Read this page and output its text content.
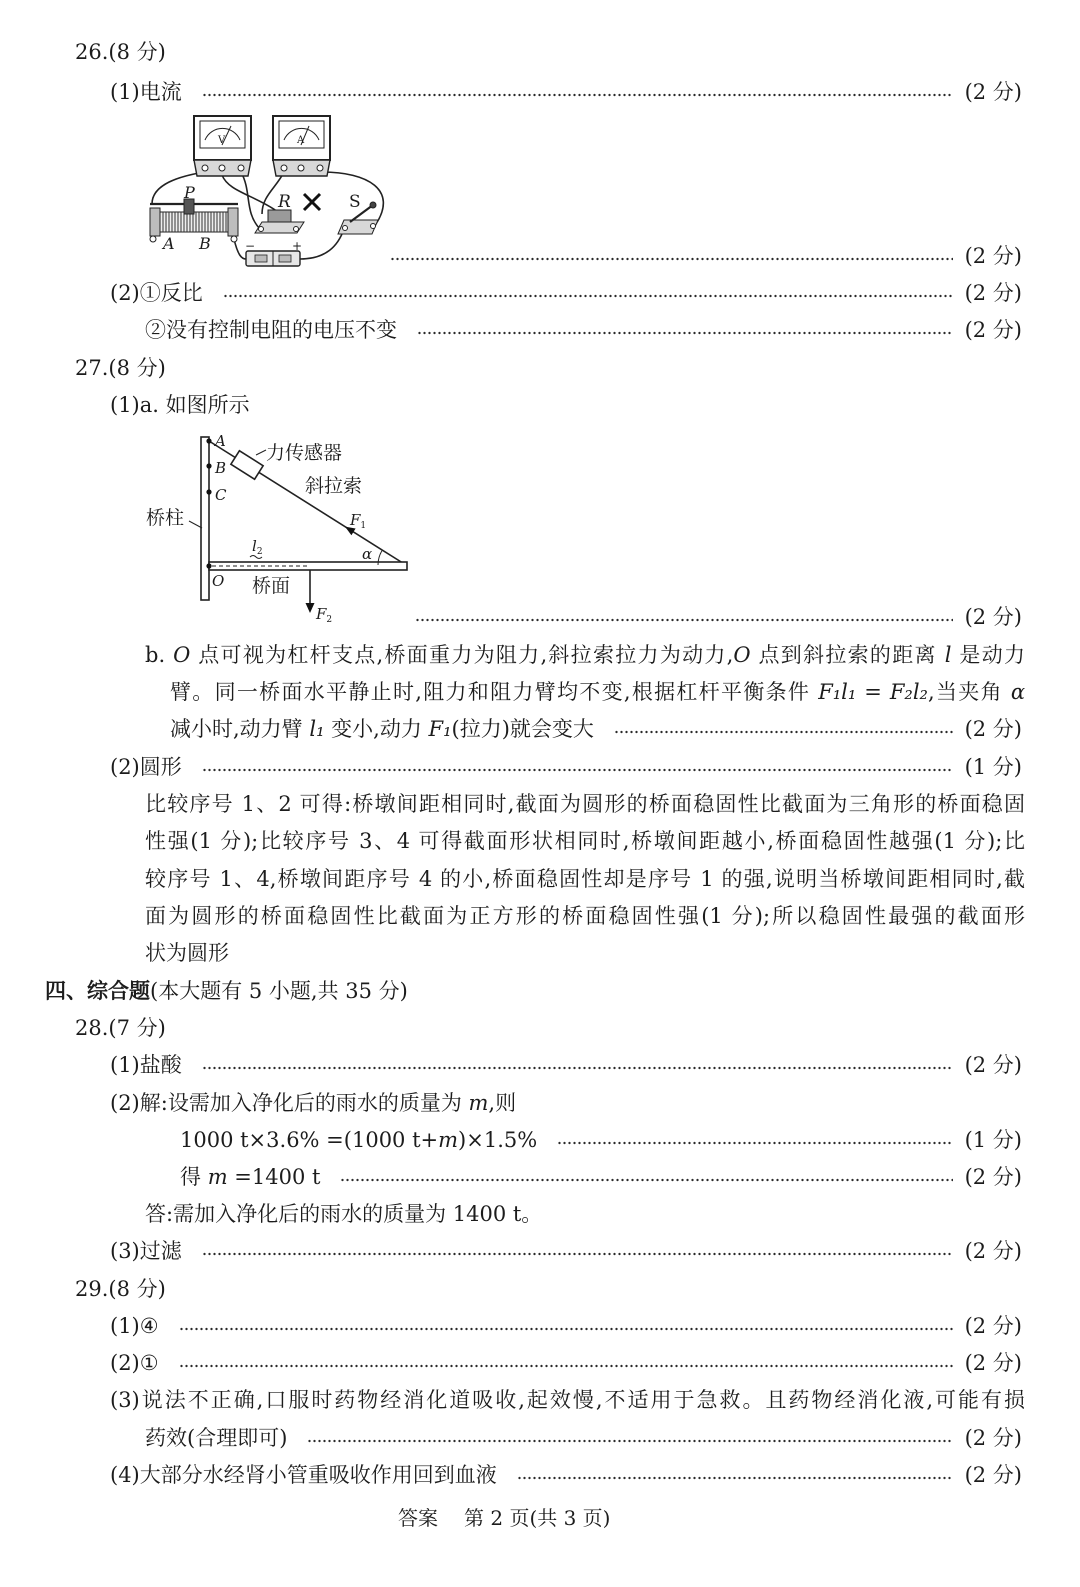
26.(8 分)
(1)电流	(2 分)
V	A
P
A B
R	S
−	+	(2 分)
(2)①反比	(2 分)
②没有控制电阻的电压不变	(2 分)
27.(8 分)
(1)a. 如图所示
A
B
C
力传感器
斜拉索
桥柱	$F_1$
α
$l_2$
O 桥面
$F_2$	(2 分)
b. O 点可视为杠杆支点,桥面重力为阻力,斜拉索拉力为动力,O 点到斜拉索的距离 l 是动力
臂。同一桥面水平静止时,阻力和阻力臂均不变,根据杠杆平衡条件 F₁l₁ = F₂l₂,当夹角 α
减小时,动力臂 l₁ 变小,动力 F₁(拉力)就会变大	(2 分)
(2)圆形	(1 分)
比较序号 1、2 可得:桥墩间距相同时,截面为圆形的桥面稳固性比截面为三角形的桥面稳固
性强(1 分);比较序号 3、4 可得截面形状相同时,桥墩间距越小,桥面稳固性越强(1 分);比
较序号 1、4,桥墩间距序号 4 的小,桥面稳固性却是序号 1 的强,说明当桥墩间距相同时,截
面为圆形的桥面稳固性比截面为正方形的桥面稳固性强(1 分);所以稳固性最强的截面形
状为圆形
四、综合题(本大题有 5 小题,共 35 分)
28.(7 分)
(1)盐酸	(2 分)
(2)解:设需加入净化后的雨水的质量为 m,则
1000 t×3.6% =(1000 t+m)×1.5%	(1 分)
得 m =1400 t	(2 分)
答:需加入净化后的雨水的质量为 1400 t。
(3)过滤	(2 分)
29.(8 分)
(1)④	(2 分)
(2)①	(2 分)
(3)说法不正确,口服时药物经消化道吸收,起效慢,不适用于急救。且药物经消化液,可能有损
药效(合理即可)	(2 分)
(4)大部分水经肾小管重吸收作用回到血液	(2 分)
答案 第 2 页(共 3 页)
